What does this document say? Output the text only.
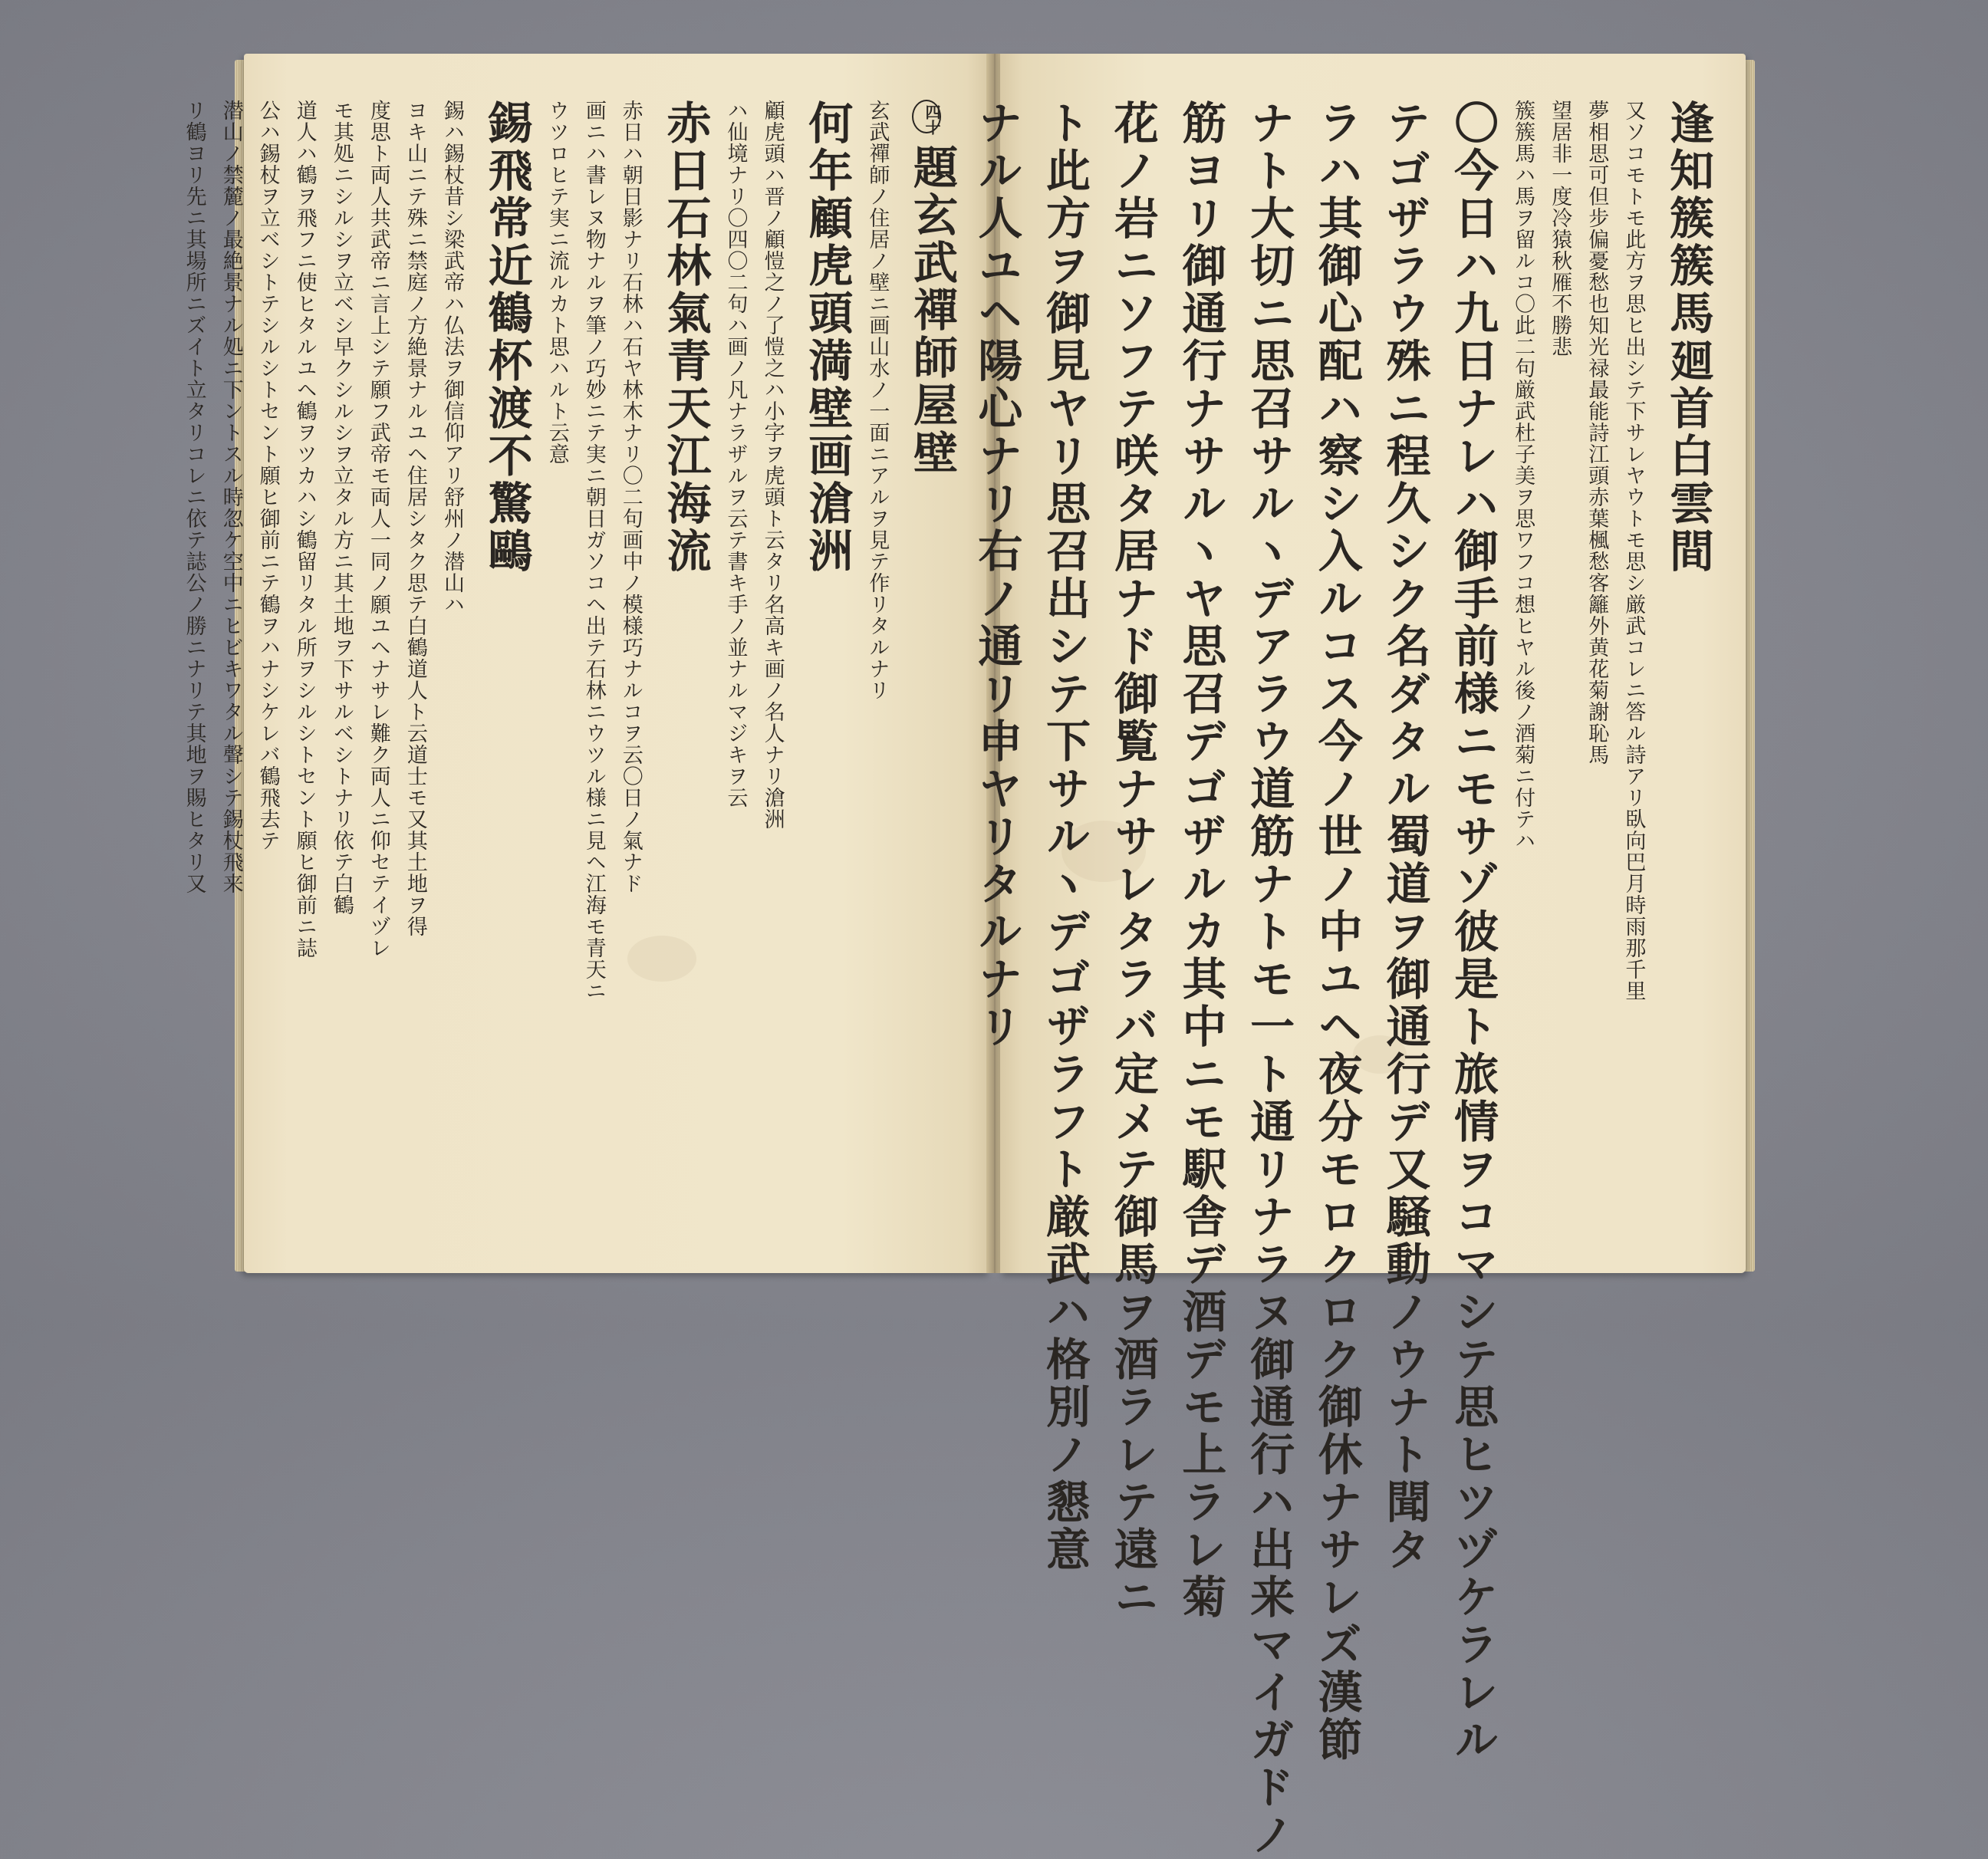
四十題玄武禪師屋壁
玄武禪師ノ住居ノ壁ニ画山水ノ一面ニアルヲ見テ作リタルナリ
何年顧虎頭満壁画滄洲
顧虎頭ハ晋ノ顧愷之ノ了愷之ハ小字ヲ虎頭ト云タリ名高キ画ノ名人ナリ滄洲
ハ仙境ナリ〇四〇二句ハ画ノ凡ナラザルヲ云テ書キ手ノ並ナルマジキヲ云
赤日石林氣青天江海流
赤日ハ朝日影ナリ石林ハ石ヤ林木ナリ〇二句画中ノ模様巧ナルコヲ云〇日ノ氣ナド
画ニハ書レヌ物ナルヲ筆ノ巧妙ニテ実ニ朝日ガソコヘ出テ石林ニウツル様ニ見ヘ江海モ青天ニ
ウツロヒテ実ニ流ルカト思ハルト云意
錫飛常近鶴杯渡不驚鷗
錫ハ錫杖昔シ梁武帝ハ仏法ヲ御信仰アリ舒州ノ潜山ハ
ヨキ山ニテ殊ニ禁庭ノ方絶景ナルユヘ住居シタク思テ白鶴道人ト云道士モ又其土地ヲ得
度思ト両人共武帝ニ言上シテ願フ武帝モ両人一同ノ願ユヘナサレ難ク両人ニ仰セテイヅレ
モ其処ニシルシヲ立ベシ早クシルシヲ立タル方ニ其土地ヲ下サルベシトナリ依テ白鶴
道人ハ鶴ヲ飛フニ使ヒタルユヘ鶴ヲツカハシ鶴留リタル所ヲシルシトセント願ヒ御前ニ誌
公ハ錫杖ヲ立ベシトテシルシトセント願ヒ御前ニテ鶴ヲハナシケレバ鶴飛去テ
潜山ノ禁麓ノ最絶景ナル処ニ下ントスル時忽ケ空中ニヒビキワタル聲シテ錫杖飛来
リ鶴ヨリ先ニ其場所ニズイト立タリコレニ依テ誌公ノ勝ニナリテ其地ヲ賜ヒタリ又	逢知簇簇馬廻首白雲間
又ソコモトモ此方ヲ思ヒ出シテ下サレヤウトモ思シ厳武コレニ答ル詩アリ臥向巴月時雨那千里
夢相思可但步偏憂愁也知光禄最能詩江頭赤葉楓愁客籬外黄花菊謝恥馬
望居非一度冷猿秋雁不勝悲
簇簇馬ハ馬ヲ留ルコ〇此二句厳武杜子美ヲ思ワフコ想ヒヤル後ノ酒菊ニ付テハ
〇今日ハ九日ナレハ御手前様ニモサゾ彼是ト旅情ヲコマシテ思ヒツヅケラレル
テゴザラウ殊ニ程久シク名ダタル蜀道ヲ御通行デ又騒動ノウナト聞タ
ラハ其御心配ハ察シ入ルコス今ノ世ノ中ユヘ夜分モロクロク御休ナサレズ漢節
ナト大切ニ思召サルヽデアラウ道筋ナトモ一ト通リナラヌ御通行ハ出来マイガドノ
筋ヨリ御通行ナサルヽヤ思召デゴザルカ其中ニモ駅舎デ酒デモ上ラレ菊
花ノ岩ニソフテ咲タ居ナド御覧ナサレタラバ定メテ御馬ヲ酒ラレテ遠ニ
ト此方ヲ御見ヤリ思召出シテ下サルヽデゴザラフト厳武ハ格別ノ懇意
ナル人ユヘ陽心ナリ右ノ通リ申ヤリタルナリ
